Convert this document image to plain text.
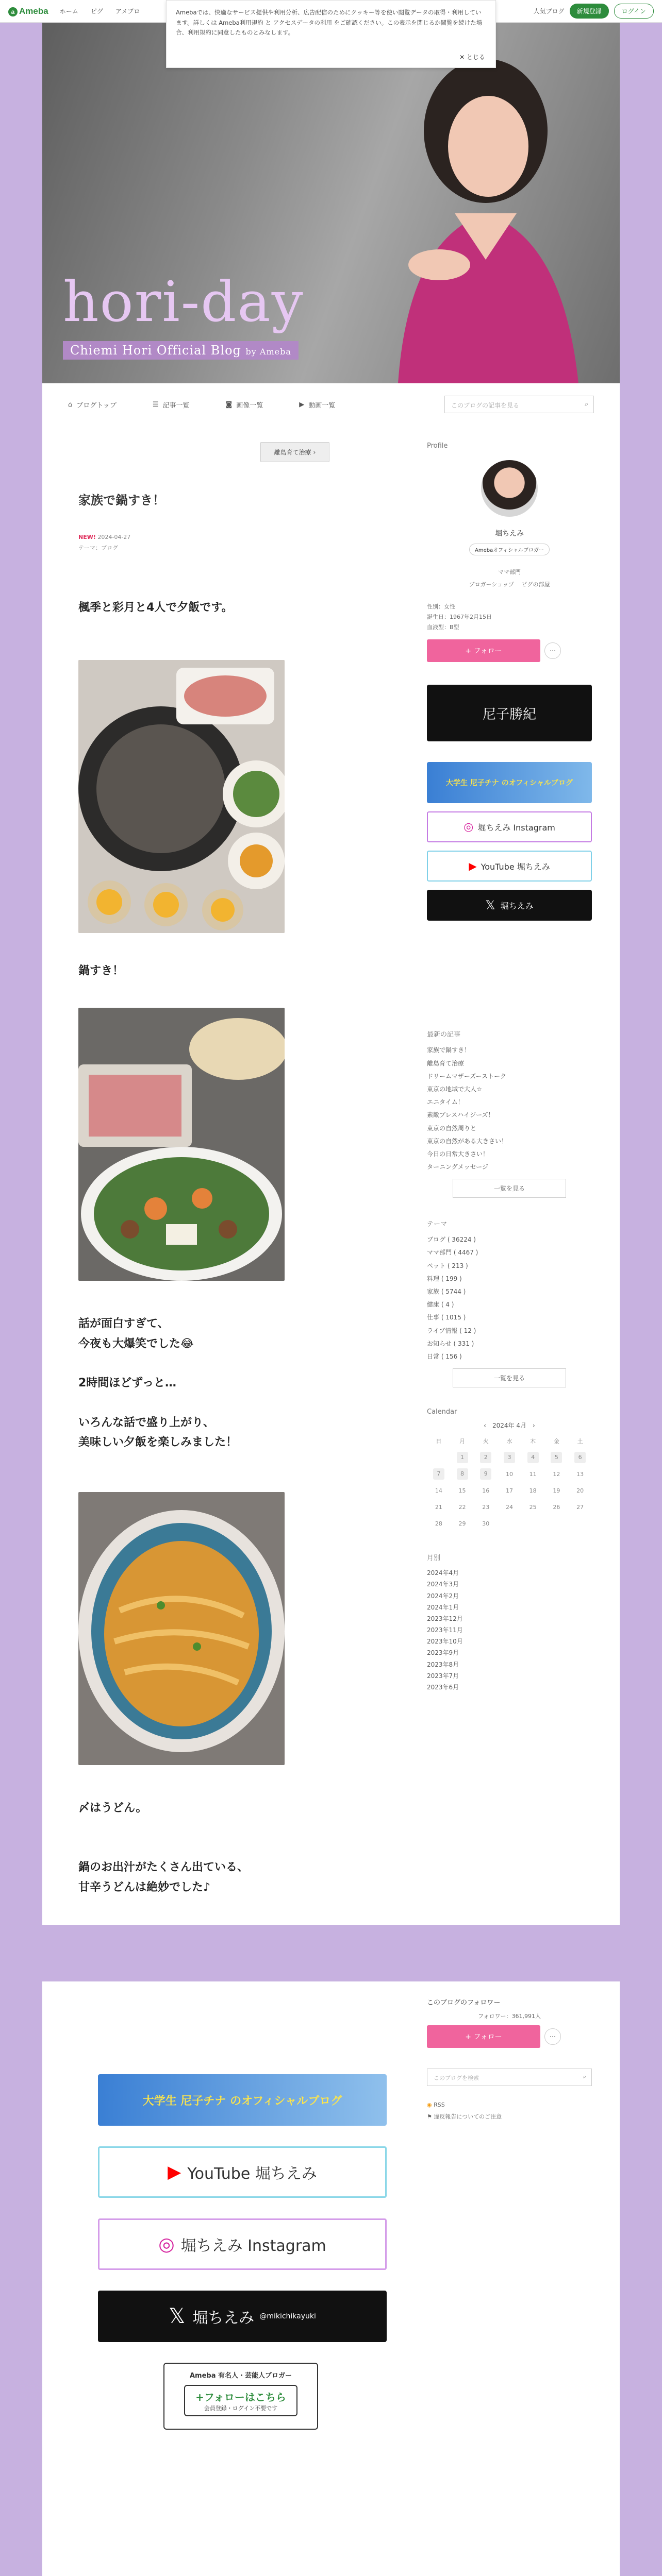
a Ameba ホーム ピグ アメブロ	人気ブログ	新規登録	ログイン
Amebaでは、快適なサービス提供や利用分析、広告配信のためにクッキー等を使い閲覧データの取得・利用しています。詳しくは Ameba利用規約 と アクセスデータの利用 をご確認ください。この表示を閉じるか閲覧を続けた場合、利用規約に同意したものとみなします。
✕ とじる
hori-day
Chiemi Hori Official Blog by Ameba
⌂ ブログトップ	☰ 記事一覧	◙ 画像一覧	▶ 動画一覧	このブログの記事を見る	⌕
離島育て治療 ›
家族で鍋すき！
NEW! 2024-04-27
テーマ：ブログ
楓季と彩月と4人で夕飯です。
鍋すき！
話が面白すぎて、
今夜も大爆笑でした😂
2時間ほどずっと…
いろんな話で盛り上がり、
美味しい夕飯を楽しみました！
〆はうどん。
鍋のお出汁がたくさん出ている、
甘辛うどんは絶妙でした♪
Profile
堀ちえみ
Amebaオフィシャルブロガー
ママ部門
ブロガーショップ　 ピグの部屋
性別：女性
誕生日：1967年2月15日
血液型：B型
+ フォロー	⋯
尼子勝紀
大学生 尼子チナ のオフィシャルブログ
◎ 堀ちえみ Instagram
▶ YouTube 堀ちえみ
𝕏 堀ちえみ
最新の記事
家族で鍋すき！
離島育て治療
ドリームマザーズーストーク
東京の地域で大人☆
エニタイム！
素敵ブレスハイジーズ！
東京の自然周りと
東京の自然がある大きさい！
今日の日常大きさい！
ターニングメッセージ
一覧を見る
テーマ
ブログ ( 36224 )
ママ部門 ( 4467 )
ペット ( 213 )
料理 ( 199 )
家族 ( 5744 )
健康 ( 4 )
仕事 ( 1015 )
ライブ情報 ( 12 )
お知らせ ( 331 )
日常 ( 156 )
一覧を見る
Calendar
‹　 2024年 4月　 ›
日	月	火	水	木	金	土
	1	2	3	4	5	6
7	8	9	10	11	12	13
14	15	16	17	18	19	20
21	22	23	24	25	26	27
28	29	30				
月別
2024年4月
2024年3月
2024年2月
2024年1月
2023年12月
2023年11月
2023年10月
2023年9月
2023年8月
2023年7月
2023年6月
このブログのフォロワー
フォロワー：361,991人
+ フォロー	⋯
このブログを検索	⌕
◉ RSS
⚑ 違反報告についてのご注意
大学生 尼子チナ のオフィシャルブログ
▶ YouTube 堀ちえみ
◎ 堀ちえみ Instagram
𝕏 堀ちえみ @mikichikayuki
Ameba 有名人・芸能人ブロガー
+フォローはこちら
会員登録・ログイン不要です
